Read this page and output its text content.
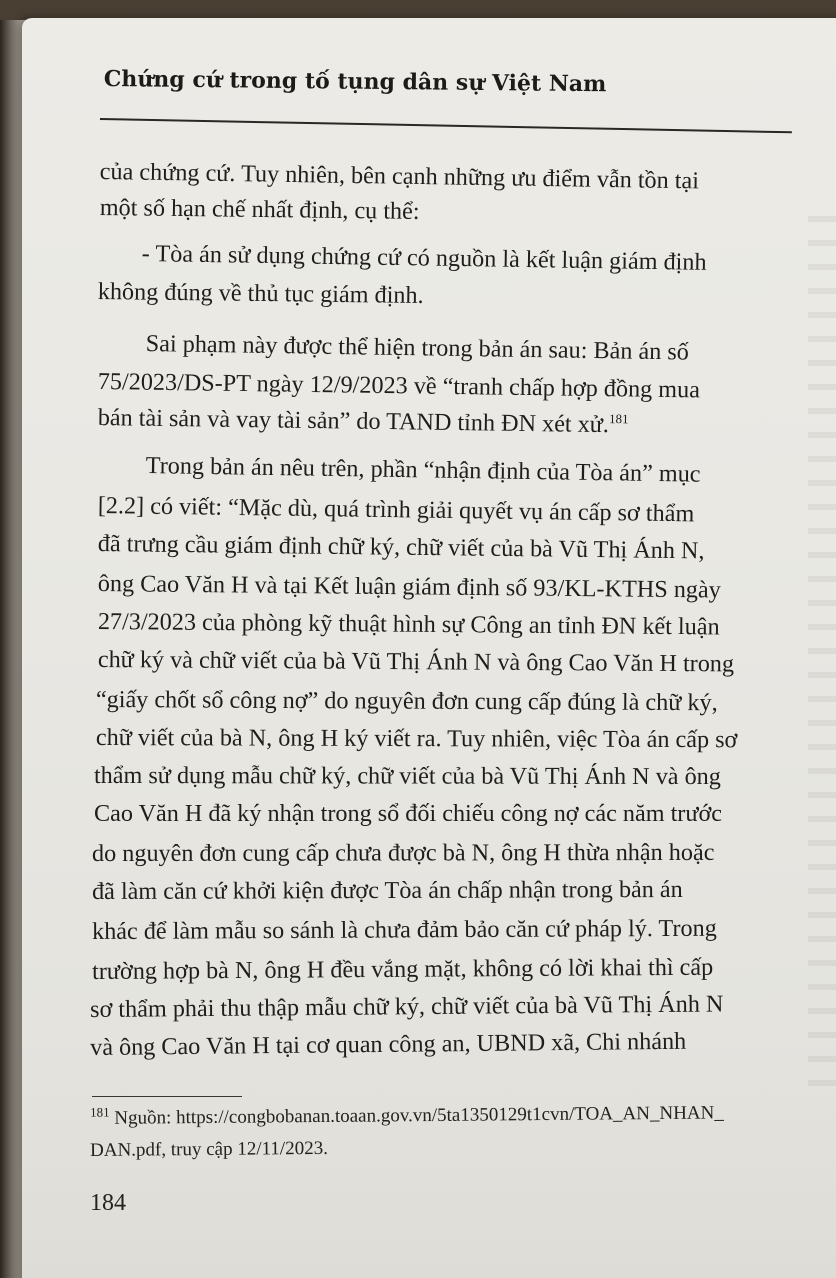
Chứng cứ trong tố tụng dân sự Việt Nam
của chứng cứ. Tuy nhiên, bên cạnh những ưu điểm vẫn tồn tại
một số hạn chế nhất định, cụ thể:
- Tòa án sử dụng chứng cứ có nguồn là kết luận giám định
không đúng về thủ tục giám định.
Sai phạm này được thể hiện trong bản án sau: Bản án số
75/2023/DS-PT ngày 12/9/2023 về “tranh chấp hợp đồng mua
bán tài sản và vay tài sản” do TAND tỉnh ĐN xét xử.$^{181}$
Trong bản án nêu trên, phần “nhận định của Tòa án” mục
[2.2] có viết: “Mặc dù, quá trình giải quyết vụ án cấp sơ thẩm
đã trưng cầu giám định chữ ký, chữ viết của bà Vũ Thị Ánh N,
ông Cao Văn H và tại Kết luận giám định số 93/KL-KTHS ngày
27/3/2023 của phòng kỹ thuật hình sự Công an tỉnh ĐN kết luận
chữ ký và chữ viết của bà Vũ Thị Ánh N và ông Cao Văn H trong
“giấy chốt sổ công nợ” do nguyên đơn cung cấp đúng là chữ ký,
chữ viết của bà N, ông H ký viết ra. Tuy nhiên, việc Tòa án cấp sơ
thẩm sử dụng mẫu chữ ký, chữ viết của bà Vũ Thị Ánh N và ông
Cao Văn H đã ký nhận trong sổ đối chiếu công nợ các năm trước
do nguyên đơn cung cấp chưa được bà N, ông H thừa nhận hoặc
đã làm căn cứ khởi kiện được Tòa án chấp nhận trong bản án
khác để làm mẫu so sánh là chưa đảm bảo căn cứ pháp lý. Trong
trường hợp bà N, ông H đều vắng mặt, không có lời khai thì cấp
sơ thẩm phải thu thập mẫu chữ ký, chữ viết của bà Vũ Thị Ánh N
và ông Cao Văn H tại cơ quan công an, UBND xã, Chi nhánh
$^{181}$ Nguồn: https://congbobanan.toaan.gov.vn/5ta1350129t1cvn/TOA_AN_NHAN_
DAN.pdf, truy cập 12/11/2023.
184
